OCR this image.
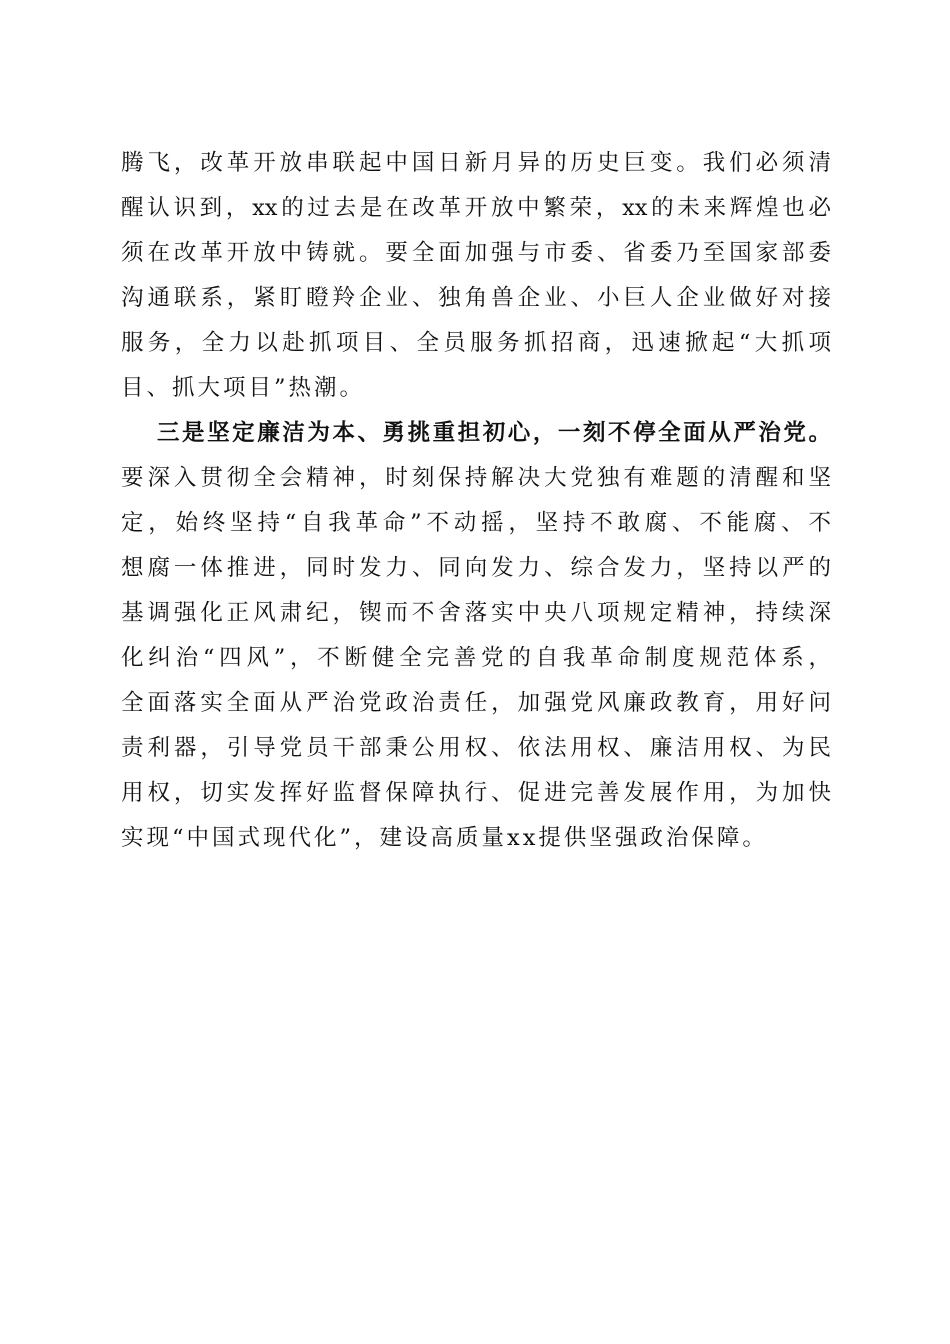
腾飞，改革开放串联起中国日新月异的历史巨变。我们必须清
醒认识到，xx的过去是在改革开放中繁荣，xx的未来辉煌也必
须在改革开放中铸就。要全面加强与市委、省委乃至国家部委
沟通联系，紧盯瞪羚企业、独角兽企业、小巨人企业做好对接
服务，全力以赴抓项目、全员服务抓招商，迅速掀起“大抓项
目、抓大项目”热潮。
三是坚定廉洁为本、勇挑重担初心，一刻不停全面从严治党。
要深入贯彻全会精神，时刻保持解决大党独有难题的清醒和坚
定，始终坚持“自我革命”不动摇，坚持不敢腐、不能腐、不
想腐一体推进，同时发力、同向发力、综合发力，坚持以严的
基调强化正风肃纪，锲而不舍落实中央八项规定精神，持续深
化纠治“四风”，不断健全完善党的自我革命制度规范体系，
全面落实全面从严治党政治责任，加强党风廉政教育，用好问
责利器，引导党员干部秉公用权、依法用权、廉洁用权、为民
用权，切实发挥好监督保障执行、促进完善发展作用，为加快
实现“中国式现代化”，建设高质量xx提供坚强政治保障。
